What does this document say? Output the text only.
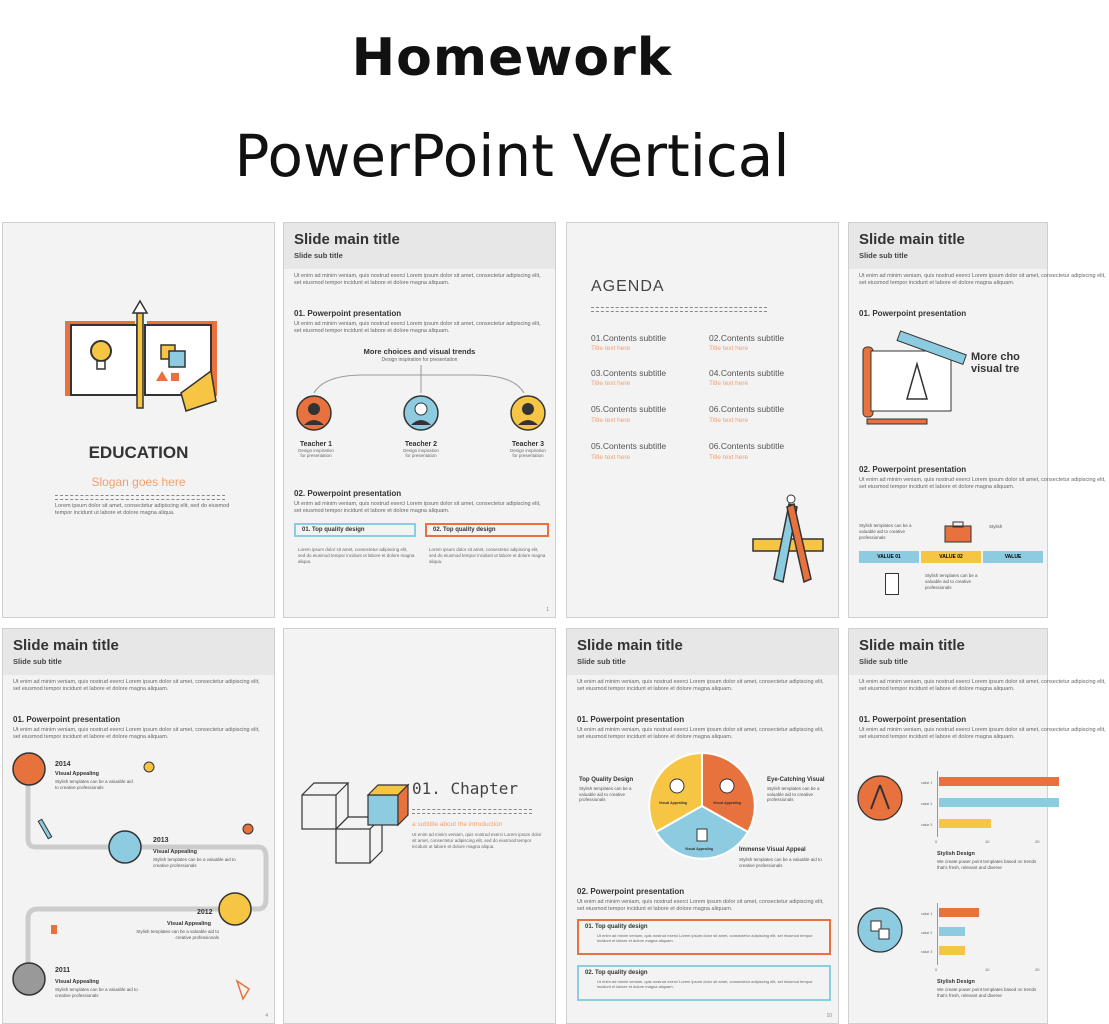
Homework
PowerPoint Vertical
EDUCATION
Slogan goes here
Lorem ipsum dolor sit amet, consectetur adipiscing elit, sed do eiusmod tempor incidunt ut labore et dolore magna aliqua.
Slide main title
Slide sub title
Ut enim ad minim veniam, quis nostrud exerci Lorem ipsum dolor sit amet, consectetur adipiscing elit, set eiusmod tempor incidunt et labore et dolore magna aliquam.
01. Powerpoint presentation
Ut enim ad minim veniam, quis nostrud exerci Lorem ipsum dolor sit amet, consectetur adipiscing elit, set eiusmod tempor incidunt et labore et dolore magna aliquam.
More choices and visual trends
Design inspiration for presentation
Teacher 1
Design inspiration for presentation
Teacher 2
Design inspiration for presentation
Teacher 3
Design inspiration for presentation
02. Powerpoint presentation
Ut enim ad minim veniam, quis nostrud exerci Lorem ipsum dolor sit amet, consectetur adipiscing elit, set eiusmod tempor incidunt et labore et dolore magna aliquam.
01. Top quality design	02. Top quality design
Lorem ipsum dolor sit amet, consectetur adipiscing elit, sed do eiusmod tempor incidunt ut labore et dolore magna aliqua.
Lorem ipsum dolor sit amet, consectetur adipiscing elit, sed do eiusmod tempor incidunt ut labore et dolore magna aliqua.
1
AGENDA
01.Contents subtitle
Title text here
02.Contents subtitle
Title text here
03.Contents subtitle
Title text here
04.Contents subtitle
Title text here
05.Contents subtitle
Title text here
06.Contents subtitle
Title text here
05.Contents subtitle
Title text here
06.Contents subtitle
Title text here
Slide main title
Slide sub title
Ut enim ad minim veniam, quis nostrud exerci Lorem ipsum dolor sit amet, consectetur adipiscing elit, set eiusmod tempor incidunt et labore et dolore magna aliquam.
01. Powerpoint presentation
More cho visual tre
02. Powerpoint presentation
Ut enim ad minim veniam, quis nostrud exerci Lorem ipsum dolor sit amet, consectetur adipiscing elit, set eiusmod tempor incidunt et labore et dolore magna aliquam.
Stylish templates can be a valuable aid to creative professionals
Stylish
VALUE 01	VALUE 02	VALUE
Stylish templates can be a valuable aid to creative professionals
Slide main title
Slide sub title
Ut enim ad minim veniam, quis nostrud exerci Lorem ipsum dolor sit amet, consectetur adipiscing elit, set eiusmod tempor incidunt et labore et dolore magna aliquam.
01. Powerpoint presentation
Ut enim ad minim veniam, quis nostrud exerci Lorem ipsum dolor sit amet, consectetur adipiscing elit, set eiusmod tempor incidunt et labore et dolore magna aliquam.
2014
Visual Appealing
Stylish templates can be a valuable aid to creative professionals
2013
Visual Appealing
Stylish templates can be a valuable aid to creative professionals
2012
Visual Appealing
Stylish templates can be a valuable aid to creative professionals
2011
Visual Appealing
Stylish templates can be a valuable aid to creative professionals
4
01. Chapter
a subtitle about the introduction
Ut enim ad minim veniam, quis nostrud exerci Lorem ipsum dolor sit amet, consectetur adipiscing elit, sed do eiusmod tempor incidunt ut labore et dolore magna aliqua.
Slide main title
Slide sub title
Ut enim ad minim veniam, quis nostrud exerci Lorem ipsum dolor sit amet, consectetur adipiscing elit, set eiusmod tempor incidunt et labore et dolore magna aliquam.
01. Powerpoint presentation
Ut enim ad minim veniam, quis nostrud exerci Lorem ipsum dolor sit amet, consectetur adipiscing elit, set eiusmod tempor incidunt et labore et dolore magna aliquam.
Visual Appealing	Visual Appealing
Visual Appealing
Top Quality Design
Stylish templates can be a valuable aid to creative professionals
Eye-Catching Visual
Stylish templates can be a valuable aid to creative professionals
Immense Visual Appeal
Stylish templates can be a valuable aid to creative professionals
02. Powerpoint presentation
Ut enim ad minim veniam, quis nostrud exerci Lorem ipsum dolor sit amet, consectetur adipiscing elit, set eiusmod tempor incidunt et labore et dolore magna aliquam.
01. Top quality design
Ut enim ad minim veniam, quis nostrud exerci Lorem ipsum dolor sit amet, consectetur adipiscing elit, set eiusmod tempor incidunt et labore et dolore magna aliquam.
02. Top quality design
Ut enim ad minim veniam, quis nostrud exerci Lorem ipsum dolor sit amet, consectetur adipiscing elit, set eiusmod tempor incidunt et labore et dolore magna aliquam.
10
Slide main title
Slide sub title
Ut enim ad minim veniam, quis nostrud exerci Lorem ipsum dolor sit amet, consectetur adipiscing elit, set eiusmod tempor incidunt et labore et dolore magna aliquam.
01. Powerpoint presentation
Ut enim ad minim veniam, quis nostrud exerci Lorem ipsum dolor sit amet, consectetur adipiscing elit, set eiusmod tempor incidunt et labore et dolore magna aliquam.
value 1
value 2
value 3
0	10	20
Stylish Design
We create power point templates based on trends that's fresh, relevant and diverse
value 1
value 2
value 3
0	10	20
Stylish Design
We create power point templates based on trends that's fresh, relevant and diverse
